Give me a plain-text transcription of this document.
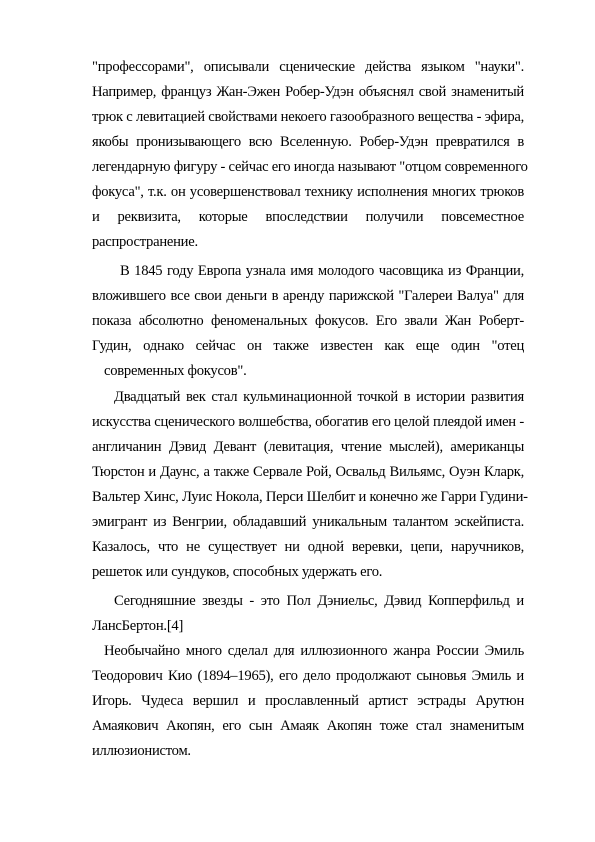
"профессорами", описывали сценические действа языком "науки".
Например, француз Жан-Эжен Робер-Удэн объяснял свой знаменитый
трюк с левитацией свойствами некоего газообразного вещества - эфира,
якобы пронизывающего всю Вселенную. Робер-Удэн превратился в
легендарную фигуру - сейчас его иногда называют "отцом современного
фокуса", т.к. он усовершенствовал технику исполнения многих трюков
и реквизита, которые впоследствии получили повсеместное
распространение.
В 1845 году Европа узнала имя молодого часовщика из Франции,
вложившего все свои деньги в аренду парижской "Галереи Валуа" для
показа абсолютно феноменальных фокусов. Его звали Жан Роберт-
Гудин, однако сейчас он также известен как еще один "отец
современных фокусов".
Двадцатый век стал кульминационной точкой в истории развития
искусства сценического волшебства, обогатив его целой плеядой имен -
англичанин Дэвид Девант (левитация, чтение мыслей), американцы
Тюрстон и Даунс, а также Сервале Рой, Освальд Вильямс, Оуэн Кларк,
Вальтер Хинс, Луис Нокола, Перси Шелбит и конечно же Гарри Гудини-
эмигрант из Венгрии, обладавший уникальным талантом эскейписта.
Казалось, что не существует ни одной веревки, цепи, наручников,
решеток или сундуков, способных удержать его.
Сегодняшние звезды - это Пол Дэниельс, Дэвид Копперфильд и
ЛансБертон.[4]
Необычайно много сделал для иллюзионного жанра России Эмиль
Теодорович Кио (1894–1965), его дело продолжают сыновья Эмиль и
Игорь. Чудеса вершил и прославленный артист эстрады Арутюн
Амаякович Акопян, его сын Амаяк Акопян тоже стал знаменитым
иллюзионистом.
